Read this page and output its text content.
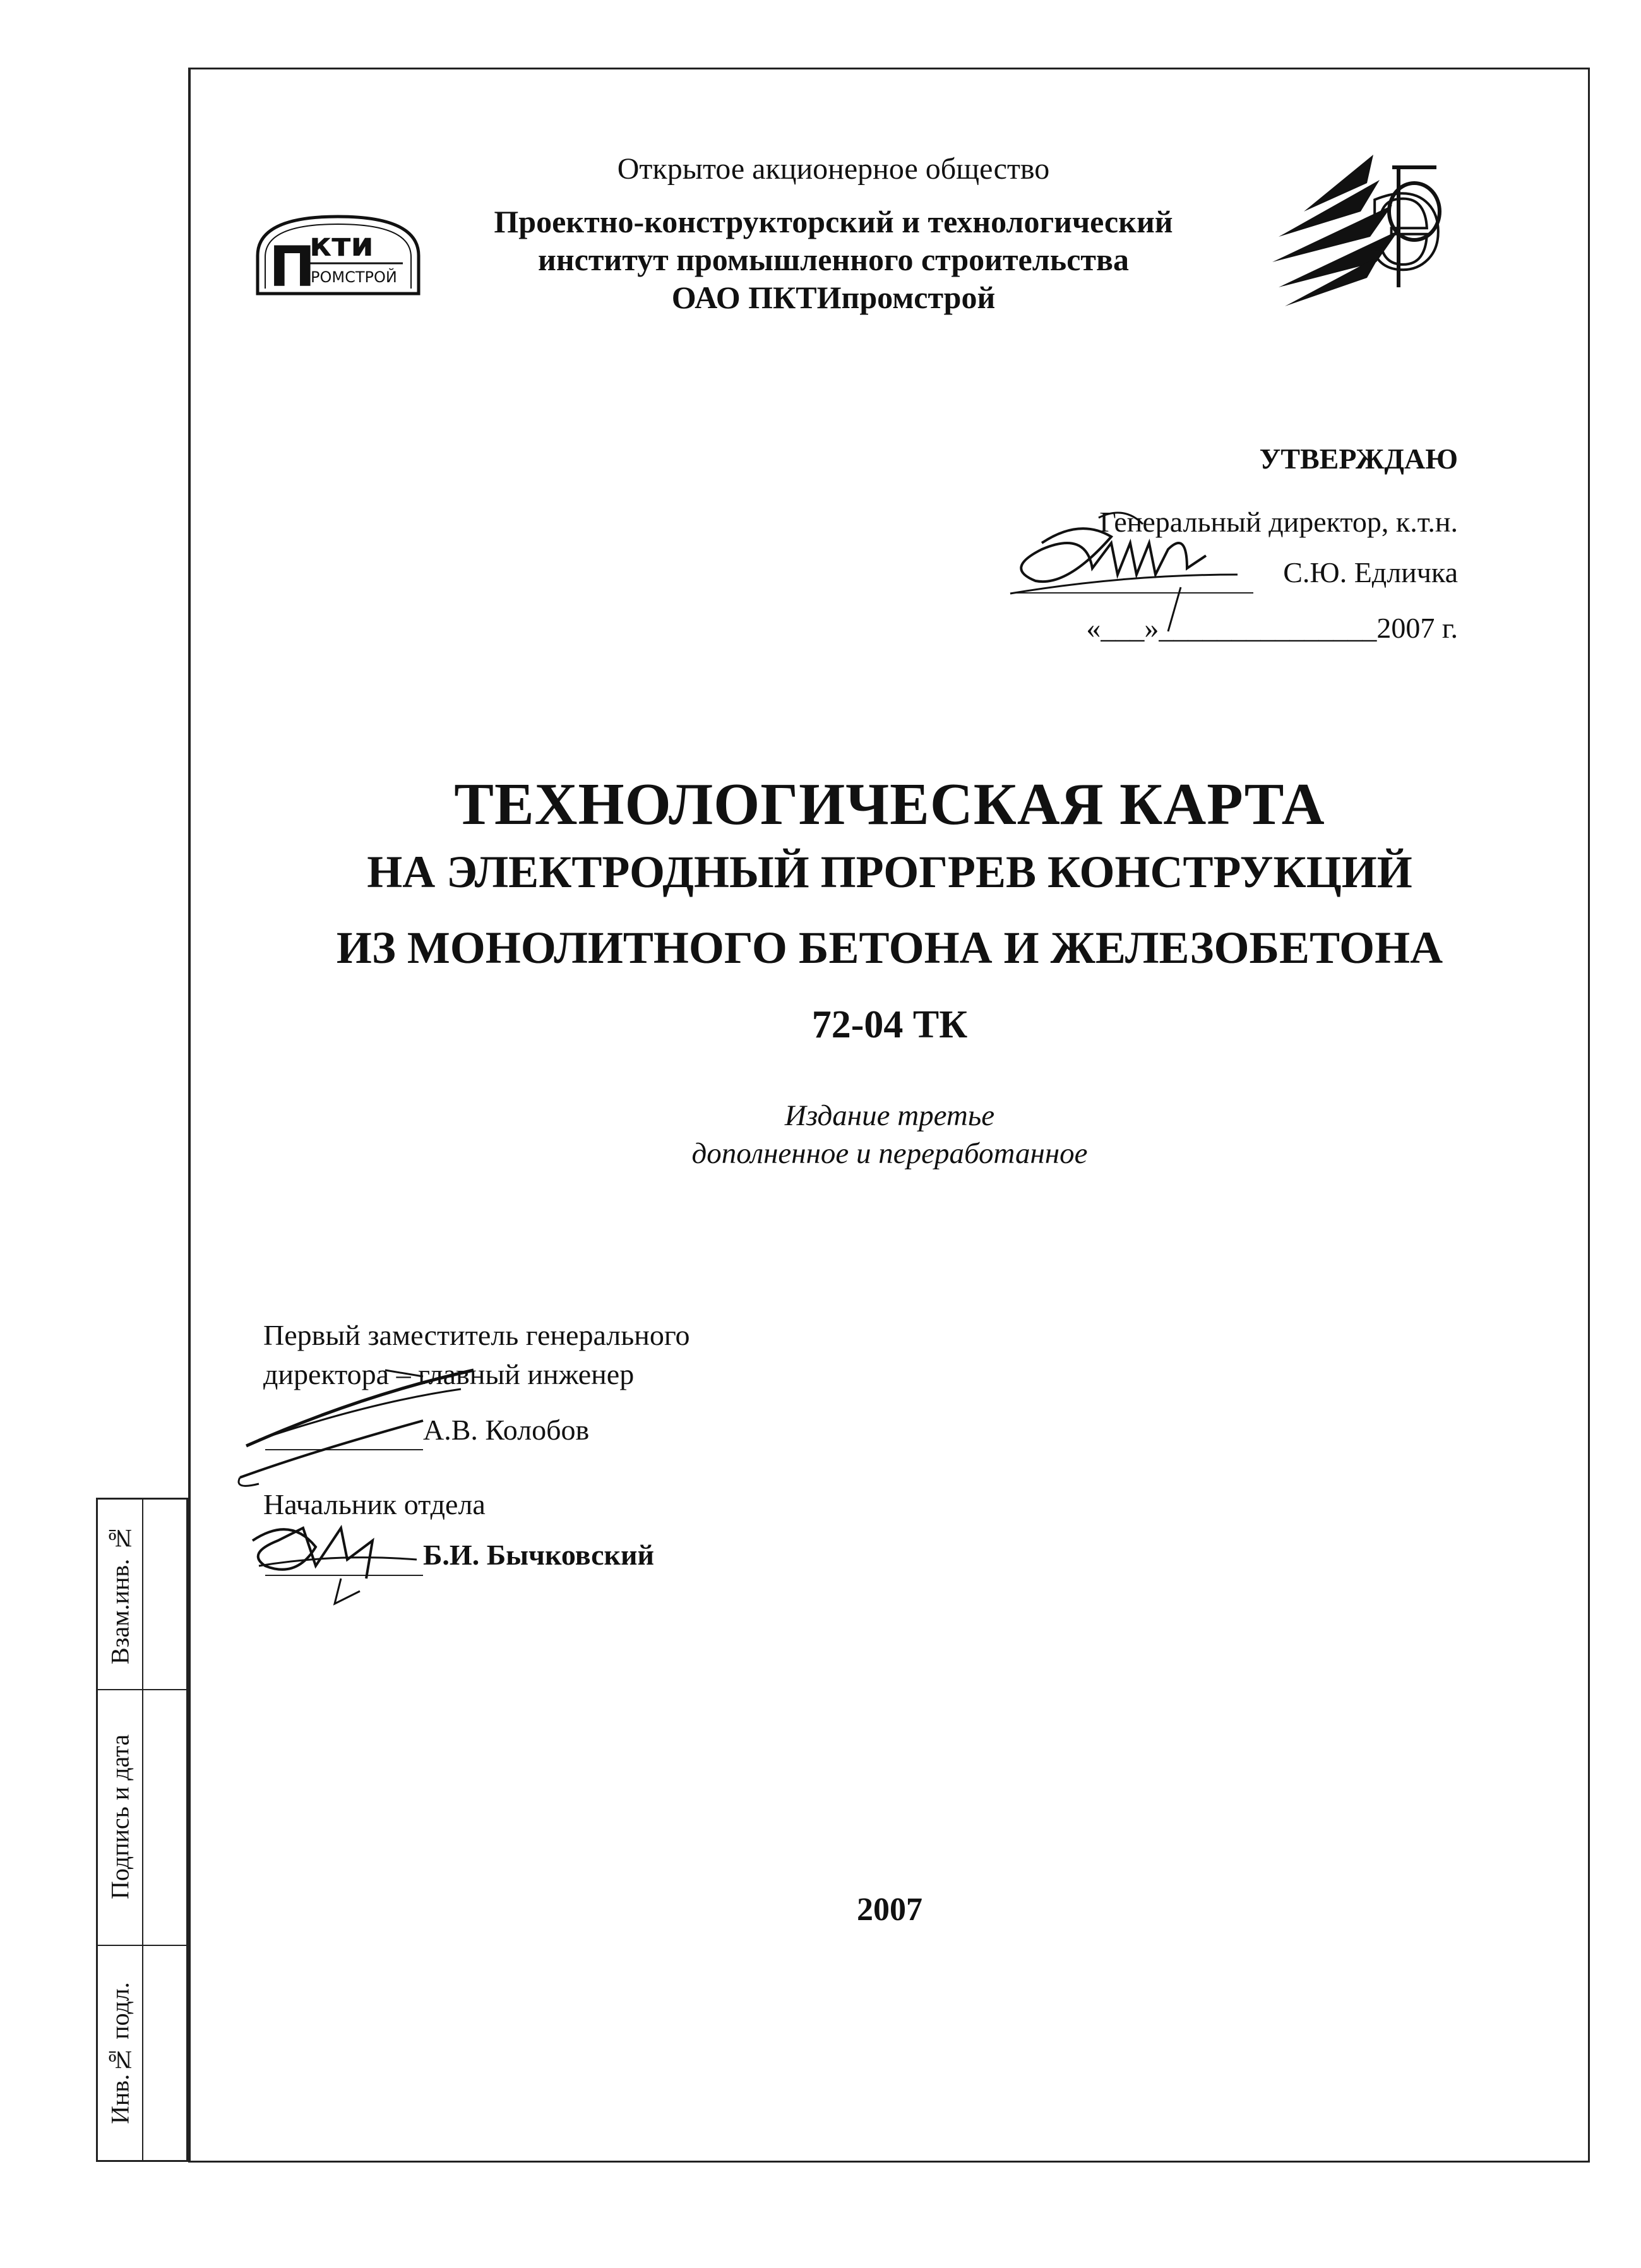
Открытое акционерное общество
Проектно-конструкторский и технологический
институт промышленного строительства
ОАО ПКТИпромстрой
П
кти
РОМСТРОЙ	Э
УТВЕРЖДАЮ
Генеральный директор, к.т.н.
С.Ю. Едличка
«___»_______________2007 г.
ТЕХНОЛОГИЧЕСКАЯ КАРТА
НА ЭЛЕКТРОДНЫЙ ПРОГРЕВ КОНСТРУКЦИЙ
ИЗ МОНОЛИТНОГО БЕТОНА И ЖЕЛЕЗОБЕТОНА
72-04 ТК
Издание третье
дополненное и переработанное
Первый заместитель генерального
директора – главный инженер
А.В. Колобов
Начальник отдела
Б.И. Бычковский
2007
Взам.инв. №
Подпись и дата
Инв.№ подл.
